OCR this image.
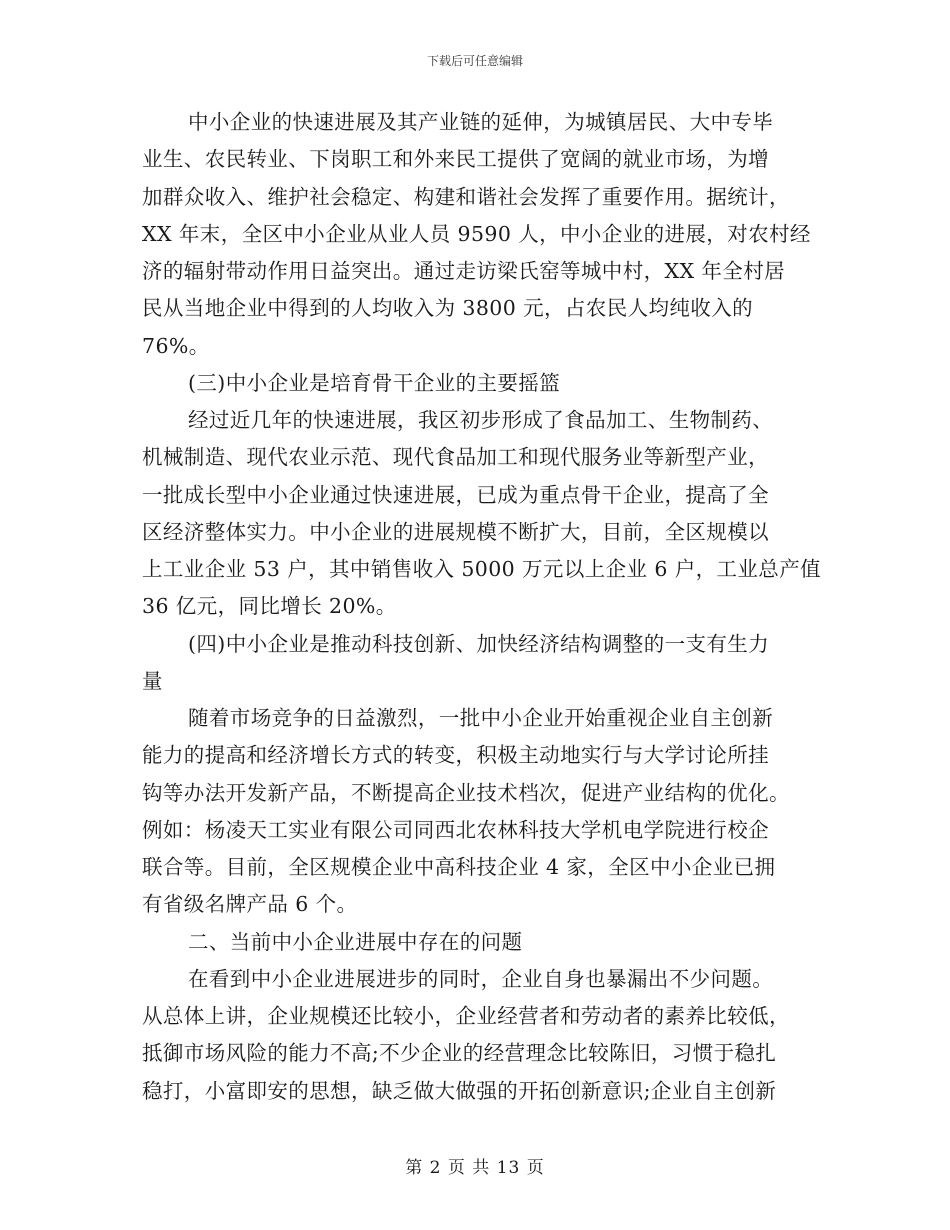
下载后可任意编辑
中小企业的快速进展及其产业链的延伸，为城镇居民、大中专毕
业生、农民转业、下岗职工和外来民工提供了宽阔的就业市场，为增
加群众收入、维护社会稳定、构建和谐社会发挥了重要作用。据统计，
XX 年末，全区中小企业从业人员 9590 人，中小企业的进展，对农村经
济的辐射带动作用日益突出。通过走访梁氏窑等城中村，XX 年全村居
民从当地企业中得到的人均收入为 3800 元，占农民人均纯收入的
76%。
(三)中小企业是培育骨干企业的主要摇篮
经过近几年的快速进展，我区初步形成了食品加工、生物制药、
机械制造、现代农业示范、现代食品加工和现代服务业等新型产业，
一批成长型中小企业通过快速进展，已成为重点骨干企业，提高了全
区经济整体实力。中小企业的进展规模不断扩大，目前，全区规模以
上工业企业 53 户，其中销售收入 5000 万元以上企业 6 户，工业总产值
36 亿元，同比增长 20%。
(四)中小企业是推动科技创新、加快经济结构调整的一支有生力
量
随着市场竞争的日益激烈，一批中小企业开始重视企业自主创新
能力的提高和经济增长方式的转变，积极主动地实行与大学讨论所挂
钩等办法开发新产品，不断提高企业技术档次，促进产业结构的优化。
例如：杨凌天工实业有限公司同西北农林科技大学机电学院进行校企
联合等。目前，全区规模企业中高科技企业 4 家，全区中小企业已拥
有省级名牌产品 6 个。
二、当前中小企业进展中存在的问题
在看到中小企业进展进步的同时，企业自身也暴漏出不少问题。
从总体上讲，企业规模还比较小，企业经营者和劳动者的素养比较低，
抵御市场风险的能力不高;不少企业的经营理念比较陈旧，习惯于稳扎
稳打，小富即安的思想，缺乏做大做强的开拓创新意识;企业自主创新
第 2 页 共 13 页
